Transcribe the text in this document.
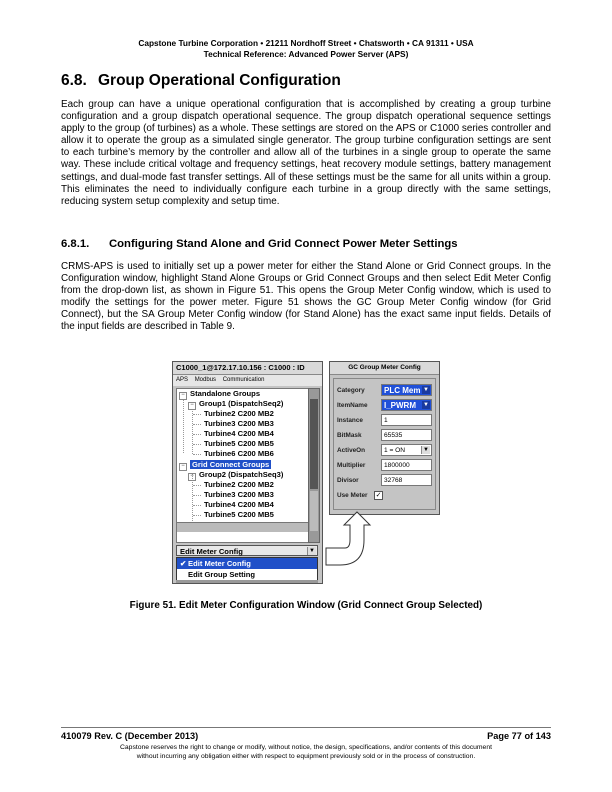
Capstone Turbine Corporation • 21211 Nordhoff Street • Chatsworth • CA 91311 • USA
Technical Reference: Advanced Power Server (APS)
6.8. Group Operational Configuration
Each group can have a unique operational configuration that is accomplished by creating a group turbine configuration and a group dispatch operational sequence. The group dispatch operational sequence settings apply to the group (of turbines) as a whole. These settings are stored on the APS or C1000 series controller and allow it to operate the group as a simulated single generator. The group turbine configuration settings are sent to each turbine’s memory by the controller and allow all of the turbines in a single group to operate the same way. These include critical voltage and frequency settings, heat recovery module settings, battery management settings, and dual-mode fast transfer settings. All of these settings must be the same for all units within a group. This eliminates the need to individually configure each turbine in a group directly with the same settings, reducing system setup complexity and setup time.
6.8.1. Configuring Stand Alone and Grid Connect Power Meter Settings
CRMS-APS is used to initially set up a power meter for either the Stand Alone or Grid Connect groups. In the Configuration window, highlight Stand Alone Groups or Grid Connect Groups and then select Edit Meter Config from the drop-down list, as shown in Figure 51. This opens the Group Meter Config window, which is used to modify the settings for the power meter. Figure 51 shows the GC Group Meter Config window (for Grid Connect), but the SA Group Meter Config window (for Stand Alone) has the exact same input fields. Details of the input fields are described in Table 9.
C1000_1@172.17.10.156 : C1000 : ID
APS Modbus Communication
− Standalone Groups
− Group1 (DispatchSeq2)
Turbine2 C200 MB2
Turbine3 C200 MB3
Turbine4 C200 MB4
Turbine5 C200 MB5
Turbine6 C200 MB6
− Grid Connect Groups
− Group2 (DispatchSeq3)
Turbine2 C200 MB2
Turbine3 C200 MB3
Turbine4 C200 MB4
Turbine5 C200 MB5
Edit Meter Config	▼
✔ Edit Meter Config
Edit Group Setting
GC Group Meter Config
Category	PLC Mem ▼
ItemName	I_PWRM ▼
Instance	1
BitMask	65535
ActiveOn	1 = ON	▼
Multiplier	1800000
Divisor	32768
Use Meter	✓
Figure 51. Edit Meter Configuration Window (Grid Connect Group Selected)
410079 Rev. C (December 2013)	Page 77 of 143
Capstone reserves the right to change or modify, without notice, the design, specifications, and/or contents of this document
without incurring any obligation either with respect to equipment previously sold or in the process of construction.
